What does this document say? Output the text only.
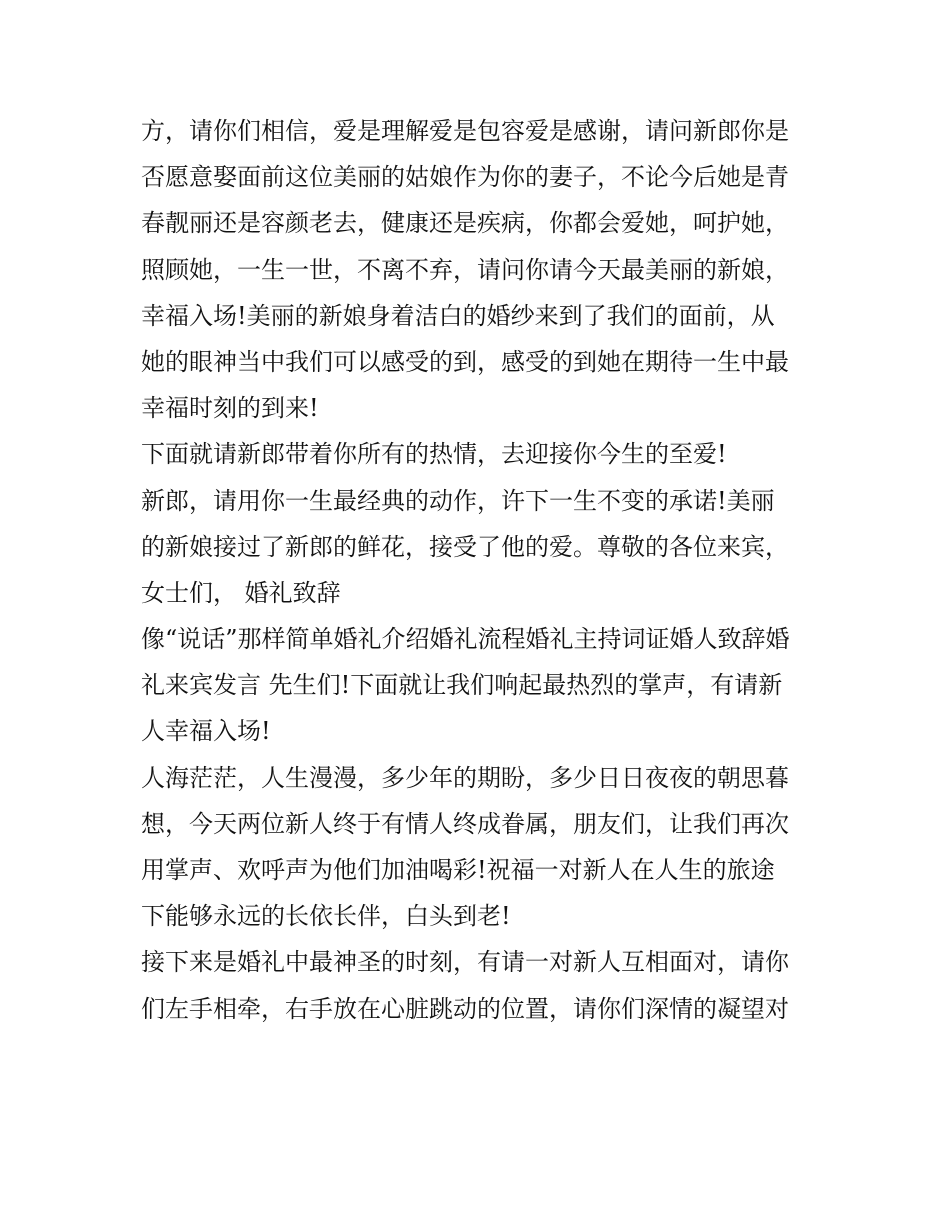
方，请你们相信，爱是理解爱是包容爱是感谢，请问新郎你是
否愿意娶面前这位美丽的姑娘作为你的妻子，不论今后她是青
春靓丽还是容颜老去，健康还是疾病，你都会爱她，呵护她，
照顾她，一生一世，不离不弃，请问你请今天最美丽的新娘，
幸福入场!美丽的新娘身着洁白的婚纱来到了我们的面前，从
她的眼神当中我们可以感受的到，感受的到她在期待一生中最
幸福时刻的到来!
下面就请新郎带着你所有的热情，去迎接你今生的至爱!
新郎，请用你一生最经典的动作，许下一生不变的承诺!美丽
的新娘接过了新郎的鲜花，接受了他的爱。尊敬的各位来宾，
女士们， 婚礼致辞
像“说话”那样简单婚礼介绍婚礼流程婚礼主持词证婚人致辞婚
礼来宾发言 先生们!下面就让我们响起最热烈的掌声，有请新
人幸福入场!
人海茫茫，人生漫漫，多少年的期盼，多少日日夜夜的朝思暮
想，今天两位新人终于有情人终成眷属，朋友们，让我们再次
用掌声、欢呼声为他们加油喝彩!祝福一对新人在人生的旅途
下能够永远的长依长伴，白头到老!
接下来是婚礼中最神圣的时刻，有请一对新人互相面对，请你
们左手相牵，右手放在心脏跳动的位置，请你们深情的凝望对
